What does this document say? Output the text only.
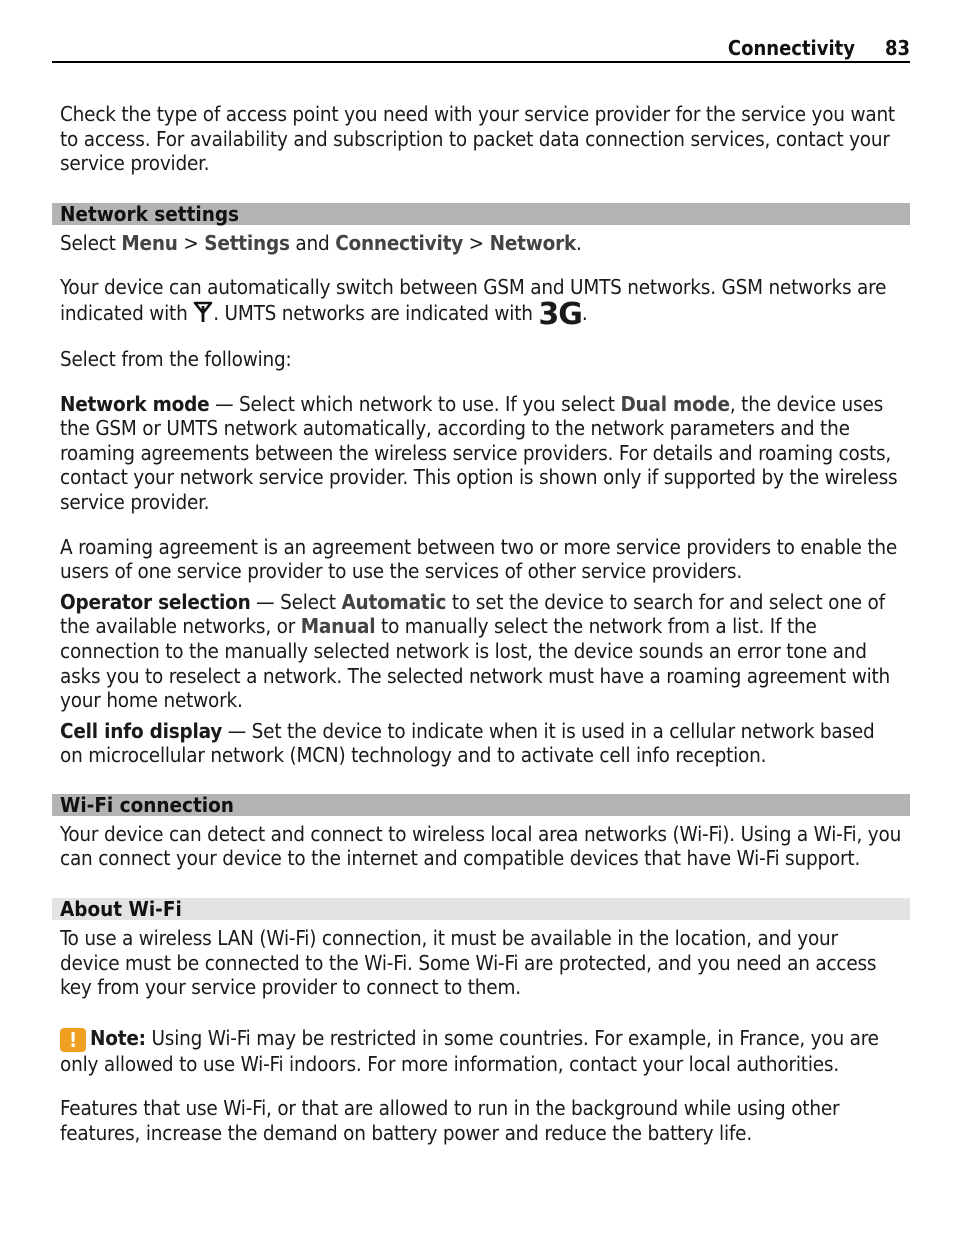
Connectivity 83

Check the type of access point you need with your service provider for the service you want to access. For availability and subscription to packet data connection services, contact your service provider.

Network settings

Select Menu > Settings and Connectivity > Network.

Your device can automatically switch between GSM and UMTS networks. GSM networks are indicated with . UMTS networks are indicated with 3G.

Select from the following:

Network mode — Select which network to use. If you select Dual mode, the device uses the GSM or UMTS network automatically, according to the network parameters and the roaming agreements between the wireless service providers. For details and roaming costs, contact your network service provider. This option is shown only if supported by the wireless service provider.

A roaming agreement is an agreement between two or more service providers to enable the users of one service provider to use the services of other service providers.

Operator selection — Select Automatic to set the device to search for and select one of the available networks, or Manual to manually select the network from a list. If the connection to the manually selected network is lost, the device sounds an error tone and asks you to reselect a network. The selected network must have a roaming agreement with your home network.

Cell info display — Set the device to indicate when it is used in a cellular network based on microcellular network (MCN) technology and to activate cell info reception.

Wi-Fi connection

Your device can detect and connect to wireless local area networks (Wi-Fi). Using a Wi-Fi, you can connect your device to the internet and compatible devices that have Wi-Fi support.

About Wi-Fi

To use a wireless LAN (Wi-Fi) connection, it must be available in the location, and your device must be connected to the Wi-Fi. Some Wi-Fi are protected, and you need an access key from your service provider to connect to them.

! Note: Using Wi-Fi may be restricted in some countries. For example, in France, you are only allowed to use Wi-Fi indoors. For more information, contact your local authorities.

Features that use Wi-Fi, or that are allowed to run in the background while using other features, increase the demand on battery power and reduce the battery life.
